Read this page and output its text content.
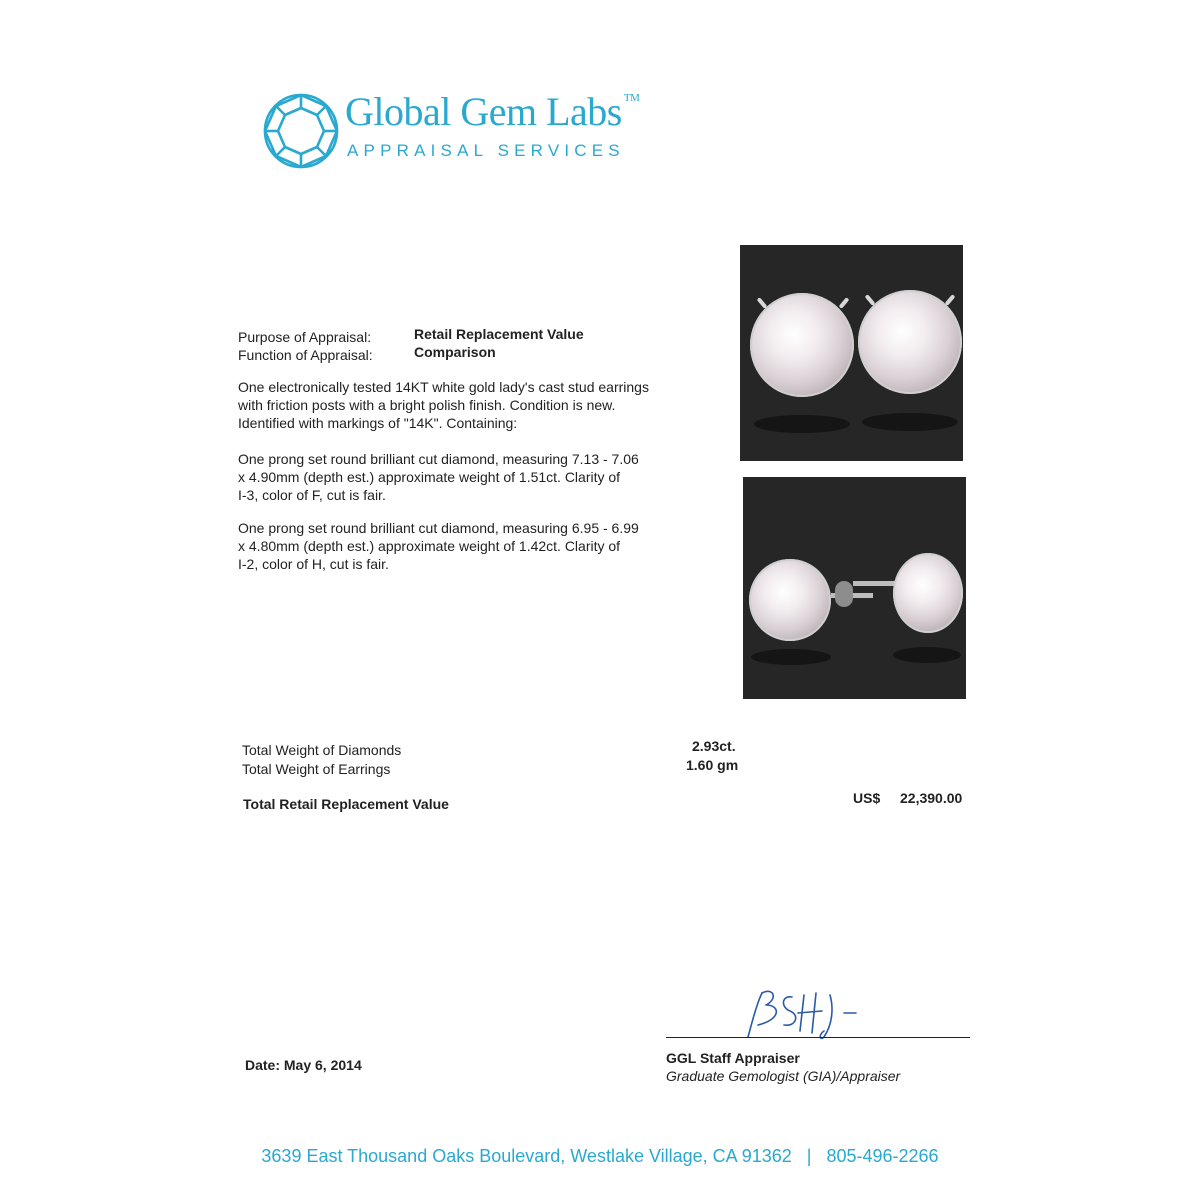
Global Gem Labs ™
APPRAISAL SERVICES
Purpose of Appraisal:	Retail Replacement Value
Function of Appraisal:	Comparison
One electronically tested 14KT white gold lady's cast stud earrings
with friction posts with a bright polish finish. Condition is new.
Identified with markings of "14K". Containing:
One prong set round brilliant cut diamond, measuring 7.13 - 7.06
x 4.90mm (depth est.) approximate weight of 1.51ct. Clarity of
I-3, color of F, cut is fair.
One prong set round brilliant cut diamond, measuring 6.95 - 6.99
x 4.80mm (depth est.) approximate weight of 1.42ct. Clarity of
I-2, color of H, cut is fair.
Total Weight of Diamonds	2.93ct.
Total Weight of Earrings	1.60 gm
Total Retail Replacement Value	US$ 22,390.00
Date: May 6, 2014	GGL Staff Appraiser
Graduate Gemologist (GIA)/Appraiser
3639 East Thousand Oaks Boulevard, Westlake Village, CA 91362 | 805-496-2266
